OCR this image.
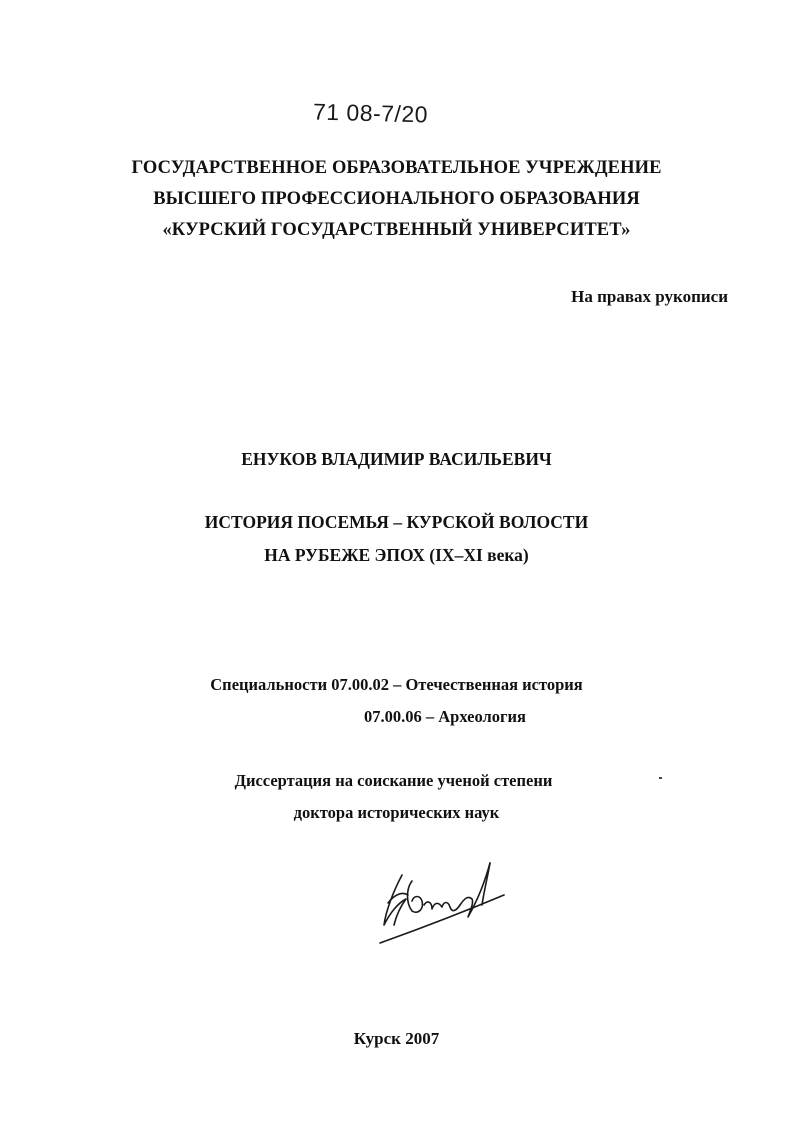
71 08-7/20
ГОСУДАРСТВЕННОЕ ОБРАЗОВАТЕЛЬНОЕ УЧРЕЖДЕНИЕ
ВЫСШЕГО ПРОФЕССИОНАЛЬНОГО ОБРАЗОВАНИЯ
«КУРСКИЙ ГОСУДАРСТВЕННЫЙ УНИВЕРСИТЕТ»
На правах рукописи
ЕНУКОВ ВЛАДИМИР ВАСИЛЬЕВИЧ
ИСТОРИЯ ПОСЕМЬЯ – КУРСКОЙ ВОЛОСТИ
НА РУБЕЖЕ ЭПОХ (IX–XI века)
Специальности 07.00.02 – Отечественная история
07.00.06 – Археология
Диссертация на соискание ученой степени
доктора исторических наук
Курск 2007
